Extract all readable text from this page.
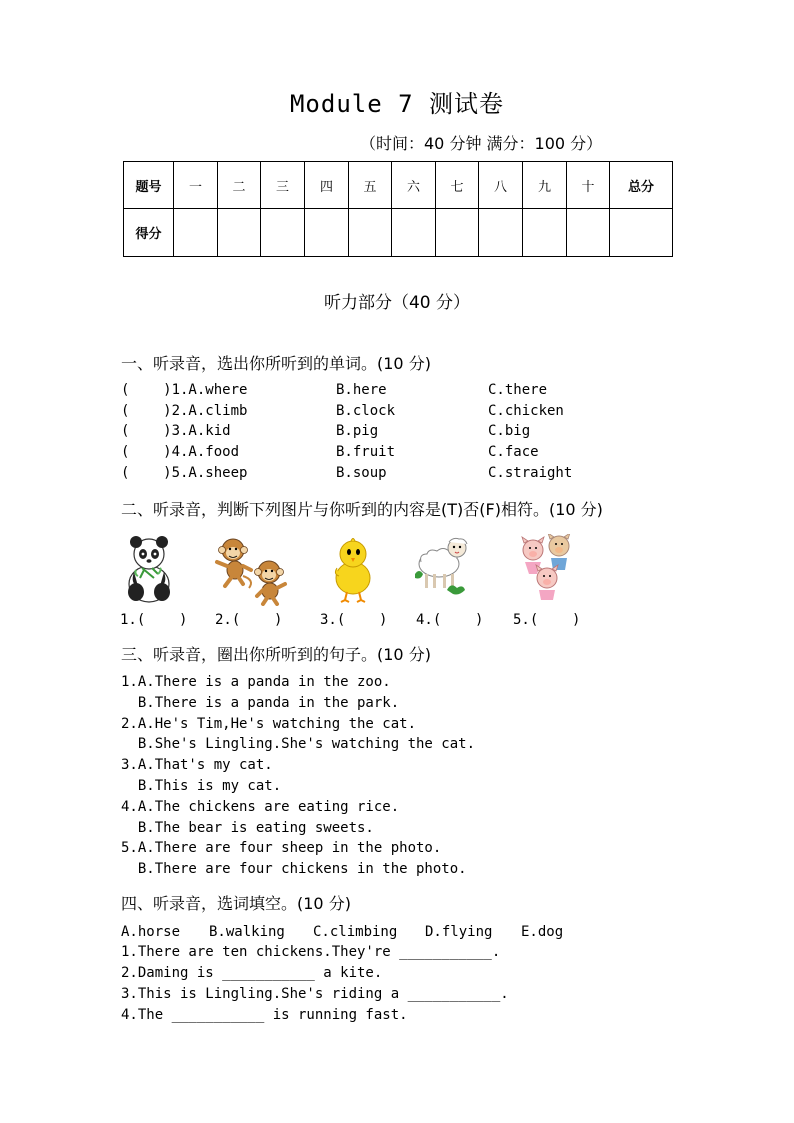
Module 7 测试卷
（时间：40 分钟 满分：100 分）
题号	一	二	三	四	五	六	七	八	九	十	总分
得分											
听力部分（40 分）
一、听录音，选出你所听到的单词。(10 分)
(    )1.A.where	B.here	C.there
(    )2.A.climb	B.clock	C.chicken
(    )3.A.kid	B.pig	C.big
(    )4.A.food	B.fruit	C.face
(    )5.A.sheep	B.soup	C.straight
二、听录音，判断下列图片与你听到的内容是(T)否(F)相符。(10 分)
1.(    ) 2.(    )	3.(    ) 4.(    ) 5.(    )
三、听录音，圈出你所听到的句子。(10 分)
1.A.There is a panda in the zoo.
B.There is a panda in the park.
2.A.He's Tim,He's watching the cat.
B.She's Lingling.She's watching the cat.
3.A.That's my cat.
B.This is my cat.
4.A.The chickens are eating rice.
B.The bear is eating sweets.
5.A.There are four sheep in the photo.
B.There are four chickens in the photo.
四、听录音，选词填空。(10 分)
A.horse B.walking C.climbing D.flying E.dog
1.There are ten chickens.They're ___________.
2.Daming is ___________ a kite.
3.This is Lingling.She's riding a ___________.
4.The ___________ is running fast.
